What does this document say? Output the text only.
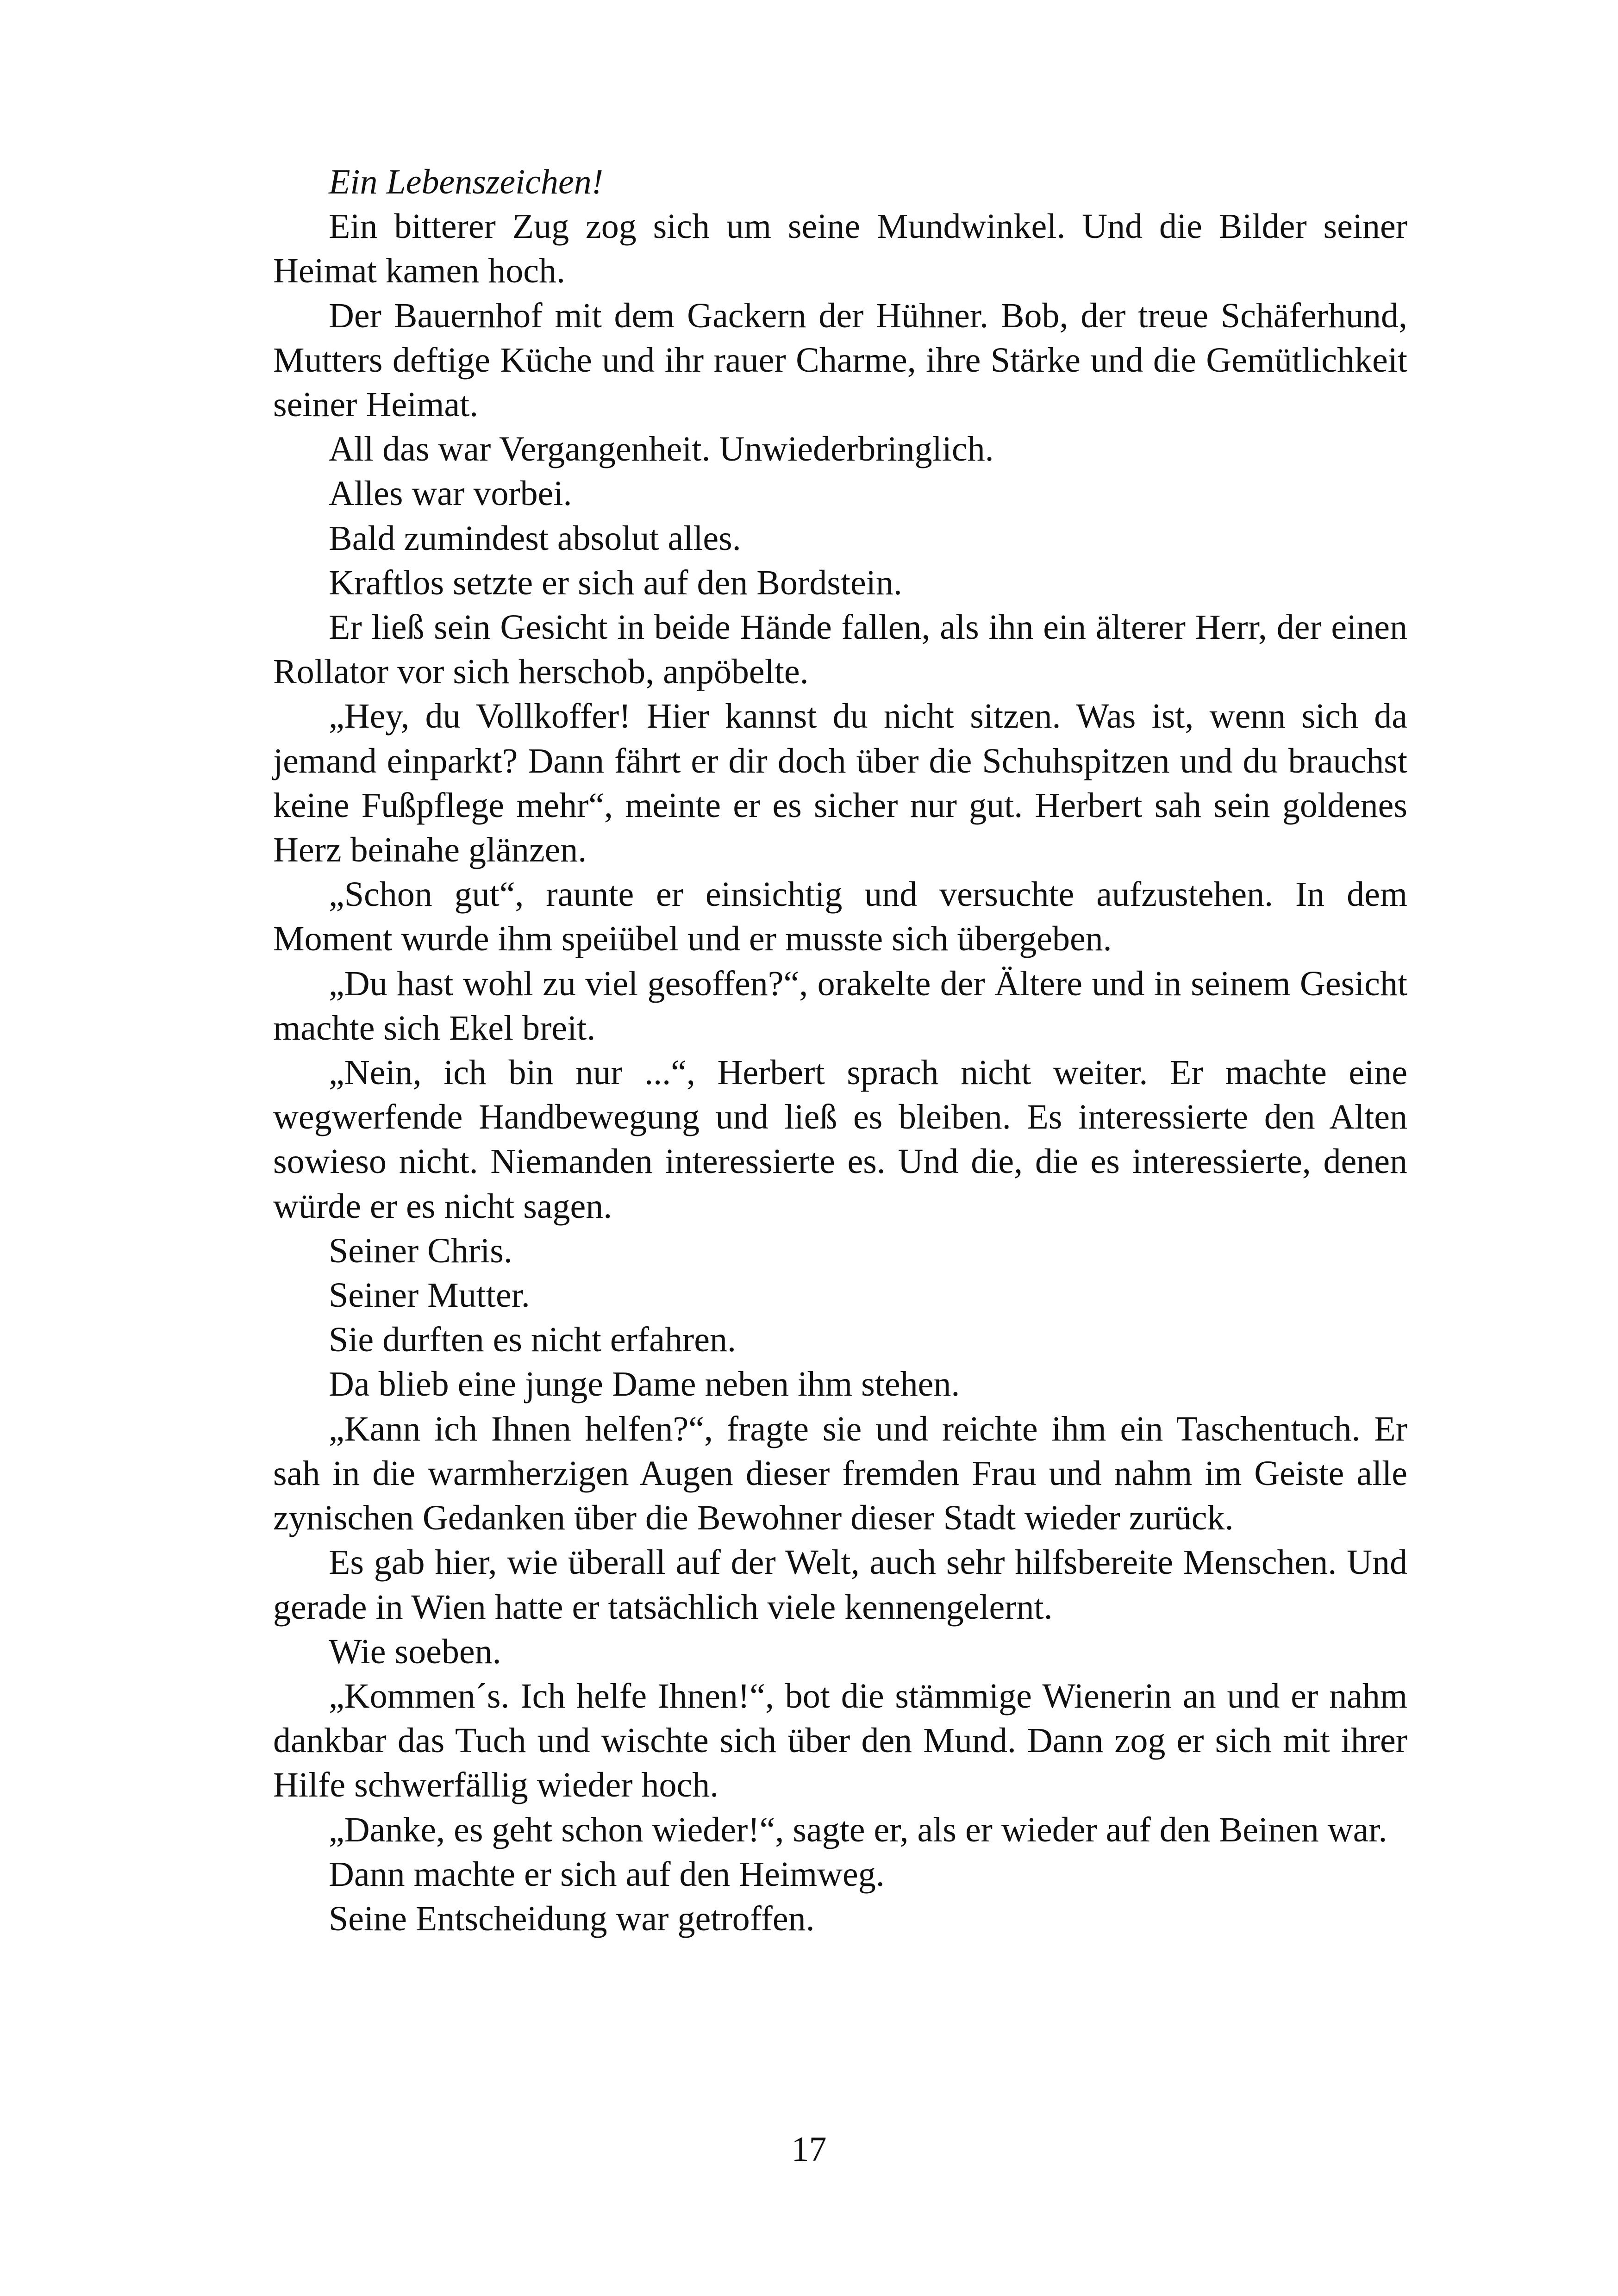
Ein Lebenszeichen!

Ein bitterer Zug zog sich um seine Mundwinkel. Und die Bilder seiner Heimat kamen hoch.

Der Bauernhof mit dem Gackern der Hühner. Bob, der treue Schäferhund, Mutters deftige Küche und ihr rauer Charme, ihre Stärke und die Gemütlichkeit seiner Heimat.

All das war Vergangenheit. Unwiederbringlich.

Alles war vorbei.

Bald zumindest absolut alles.

Kraftlos setzte er sich auf den Bordstein.

Er ließ sein Gesicht in beide Hände fallen, als ihn ein älterer Herr, der einen Rollator vor sich herschob, anpöbelte.

„Hey, du Vollkoffer! Hier kannst du nicht sitzen. Was ist, wenn sich da jemand einparkt? Dann fährt er dir doch über die Schuhspitzen und du brauchst keine Fußpflege mehr“, meinte er es sicher nur gut. Herbert sah sein goldenes Herz beinahe glänzen.

„Schon gut“, raunte er einsichtig und versuchte aufzustehen. In dem Moment wurde ihm speiübel und er musste sich übergeben.

„Du hast wohl zu viel gesoffen?“, orakelte der Ältere und in seinem Gesicht machte sich Ekel breit.

„Nein, ich bin nur ...“, Herbert sprach nicht weiter. Er machte eine wegwerfende Handbewegung und ließ es bleiben. Es interessierte den Alten sowieso nicht. Niemanden interessierte es. Und die, die es interessierte, denen würde er es nicht sagen.

Seiner Chris.

Seiner Mutter.

Sie durften es nicht erfahren.

Da blieb eine junge Dame neben ihm stehen.

„Kann ich Ihnen helfen?“, fragte sie und reichte ihm ein Taschentuch. Er sah in die warmherzigen Augen dieser fremden Frau und nahm im Geiste alle zynischen Gedanken über die Bewohner dieser Stadt wieder zurück.

Es gab hier, wie überall auf der Welt, auch sehr hilfsbereite Menschen. Und gerade in Wien hatte er tatsächlich viele kennengelernt.

Wie soeben.

„Kommen´s. Ich helfe Ihnen!“, bot die stämmige Wienerin an und er nahm dankbar das Tuch und wischte sich über den Mund. Dann zog er sich mit ihrer Hilfe schwerfällig wieder hoch.

„Danke, es geht schon wieder!“, sagte er, als er wieder auf den Beinen war.

Dann machte er sich auf den Heimweg.

Seine Entscheidung war getroffen.

17
